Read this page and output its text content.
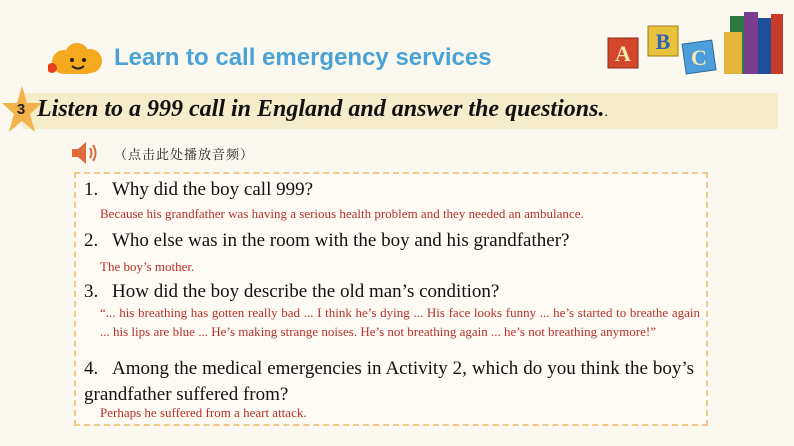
Learn to call emergency services	A B
C
3 Listen to a 999 call in England and answer the questions..
（点击此处播放音频）
1. Why did the boy call 999?
Because his grandfather was having a serious health problem and they needed an ambulance.
2. Who else was in the room with the boy and his grandfather?
The boy’s mother.
3. How did the boy describe the old man’s condition?
“... his breathing has gotten really bad ... I think he’s dying ... His face looks funny ... he’s started to breathe again ... his lips are blue ... He’s making strange noises. He’s not breathing again ... he’s not breathing anymore!”
4. Among the medical emergencies in Activity 2, which do you think the boy’s grandfather suffered from?
Perhaps he suffered from a heart attack.
